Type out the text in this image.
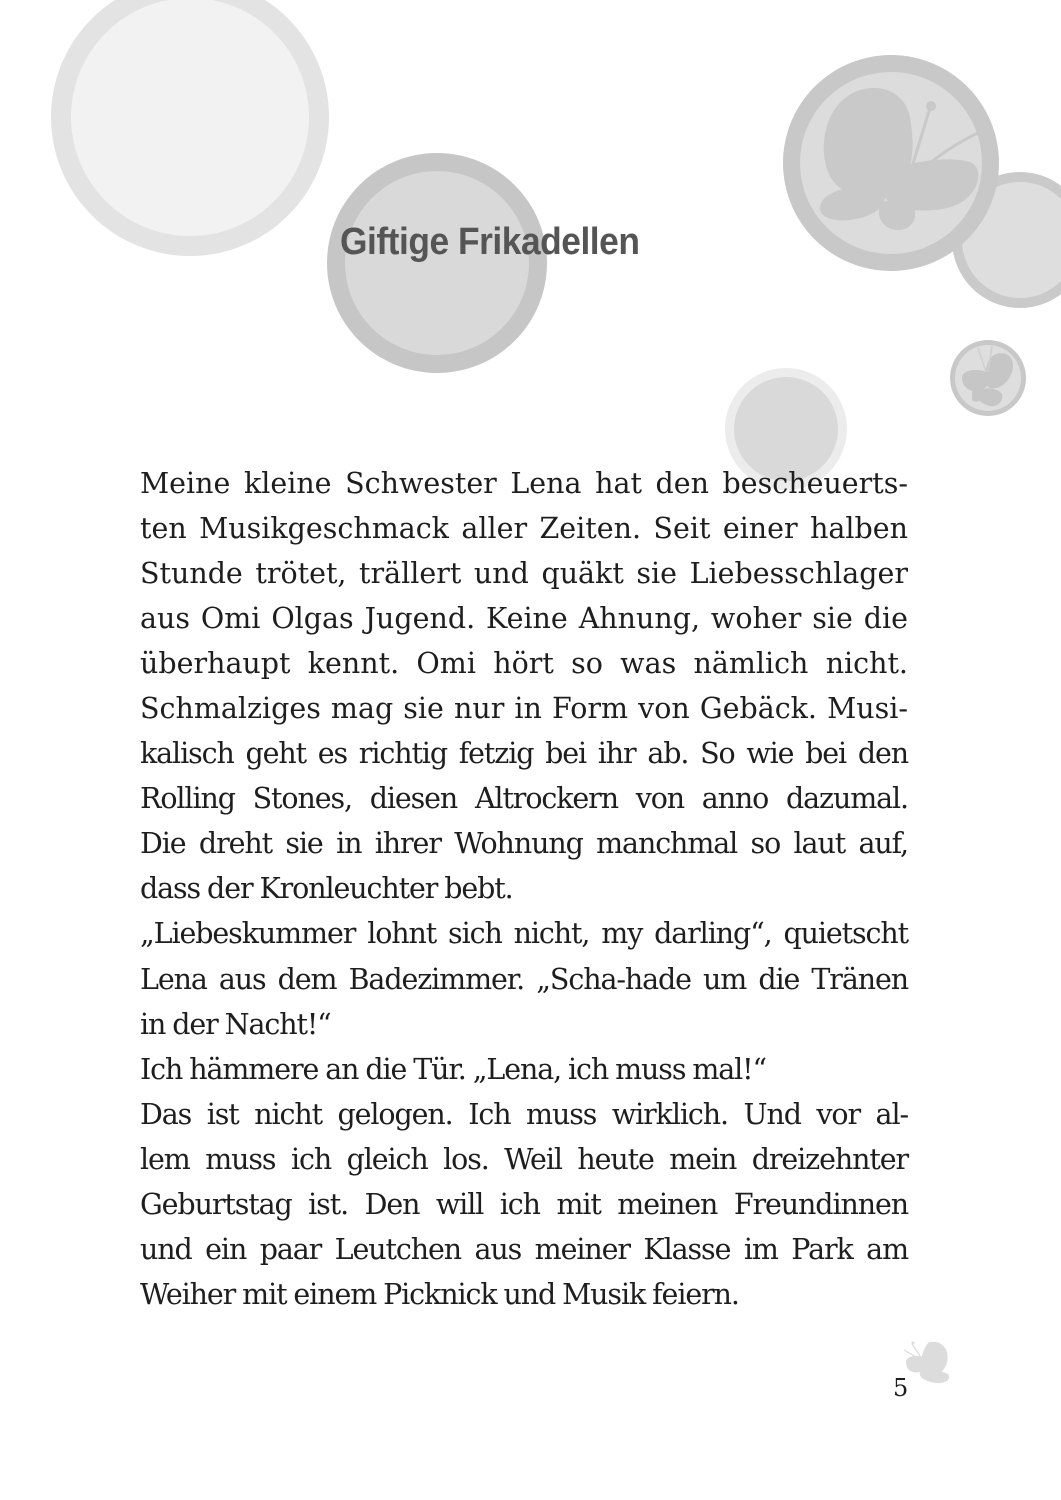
Giftige Frikadellen
Meine kleine Schwester Lena hat den bescheuerts-
ten Musikgeschmack aller Zeiten. Seit einer halben
Stunde trötet, trällert und quäkt sie Liebesschlager
aus Omi Olgas Jugend. Keine Ahnung, woher sie die
überhaupt kennt. Omi hört so was nämlich nicht.
Schmalziges mag sie nur in Form von Gebäck. Musi-
kalisch geht es richtig fetzig bei ihr ab. So wie bei den
Rolling Stones, diesen Altrockern von anno dazumal.
Die dreht sie in ihrer Wohnung manchmal so laut auf,
dass der Kronleuchter bebt.
„Liebeskummer lohnt sich nicht, my darling“, quietscht
Lena aus dem Badezimmer. „Scha-hade um die Tränen
in der Nacht!“
Ich hämmere an die Tür. „Lena, ich muss mal!“
Das ist nicht gelogen. Ich muss wirklich. Und vor al-
lem muss ich gleich los. Weil heute mein dreizehnter
Geburtstag ist. Den will ich mit meinen Freundinnen
und ein paar Leutchen aus meiner Klasse im Park am
Weiher mit einem Picknick und Musik feiern.
5
